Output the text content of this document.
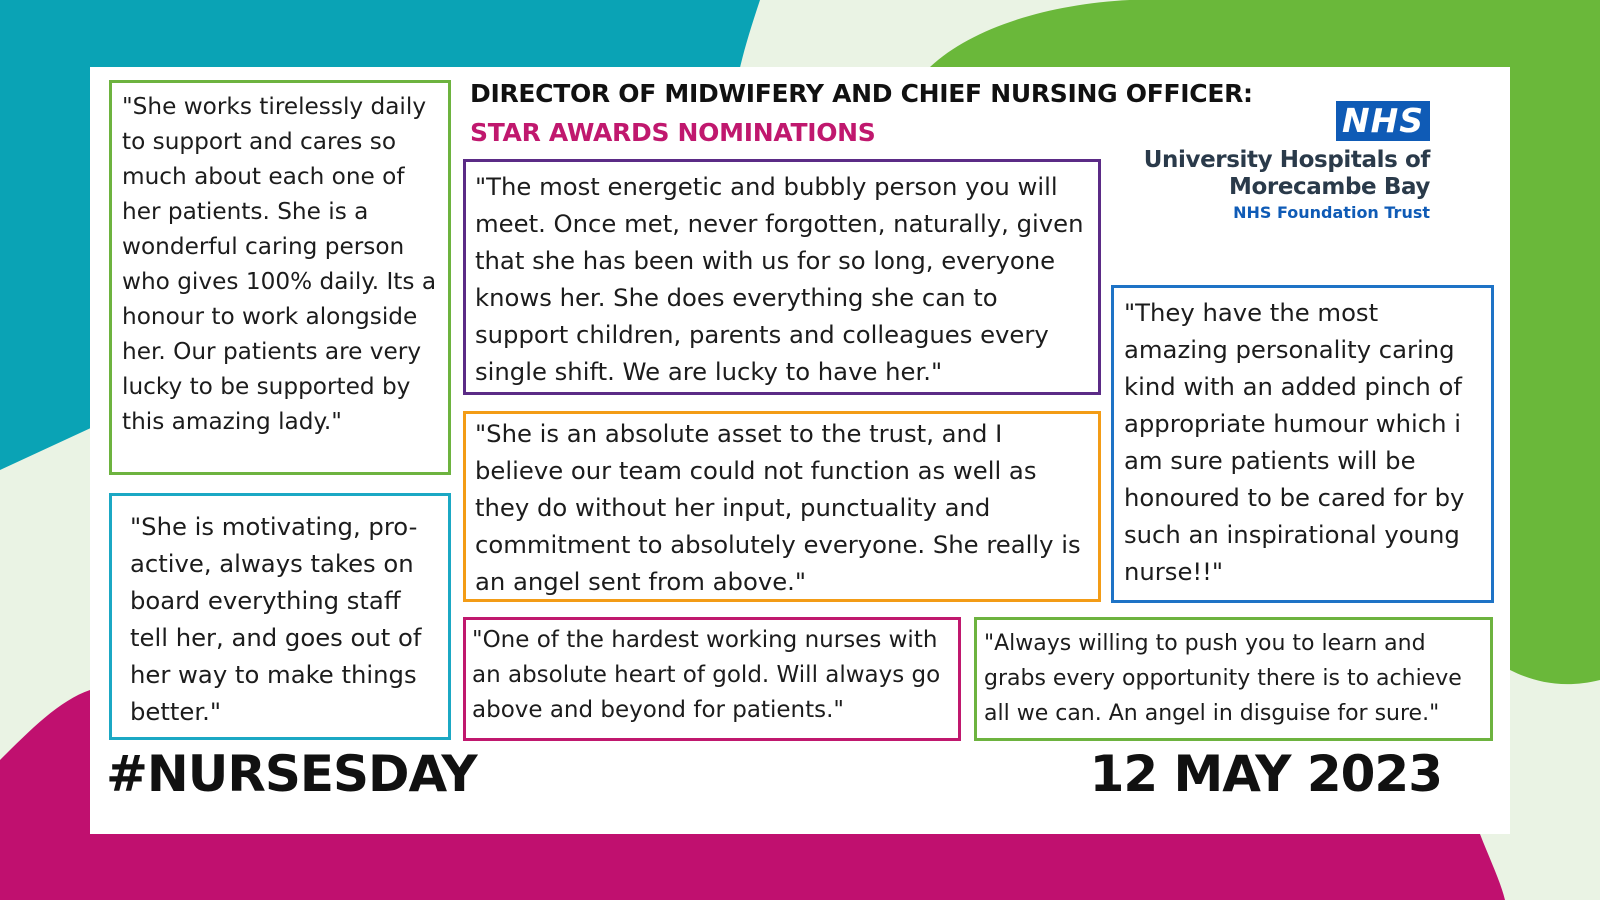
DIRECTOR OF MIDWIFERY AND CHIEF NURSING OFFICER:
STAR AWARDS NOMINATIONS	NHS
University Hospitals of
Morecambe Bay
NHS Foundation Trust
"She works tirelessly daily to support and cares so much about each one of her patients. She is a wonderful caring person who gives 100% daily. Its a honour to work alongside her. Our patients are very lucky to be supported by this amazing lady."
"She is motivating, pro-active, always takes on board everything staff tell her, and goes out of her way to make things better."
"The most energetic and bubbly person you will meet. Once met, never forgotten, naturally, given that she has been with us for so long, everyone knows her. She does everything she can to support children, parents and colleagues every single shift. We are lucky to have her."
"She is an absolute asset to the trust, and I believe our team could not function as well as they do without her input, punctuality and commitment to absolutely everyone. She really is an angel sent from above."
"One of the hardest working nurses with an absolute heart of gold. Will always go above and beyond for patients."
"Always willing to push you to learn and grabs every opportunity there is to achieve all we can. An angel in disguise for sure."
"They have the most amazing personality caring kind with an added pinch of appropriate humour which i am sure patients will be honoured to be cared for by such an inspirational young nurse!!"
#NURSESDAY	12 MAY 2023
